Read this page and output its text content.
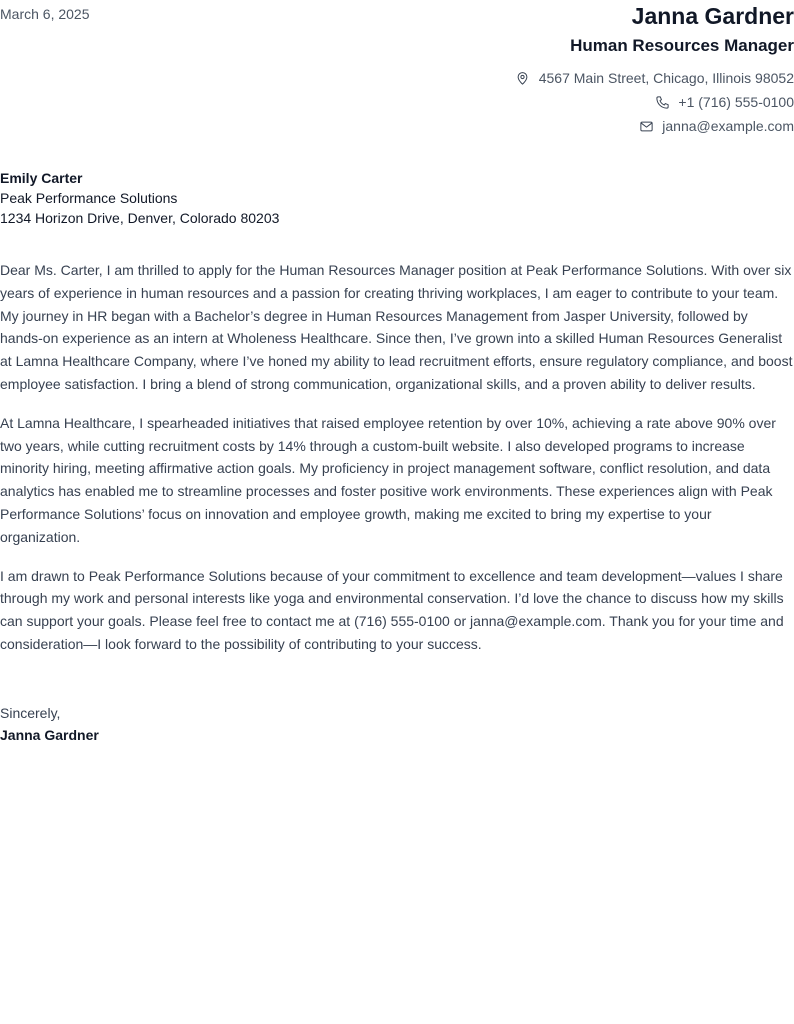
March 6, 2025	Janna Gardner
Human Resources Manager
4567 Main Street, Chicago, Illinois 98052
+1 (716) 555-0100
janna@example.com
Emily Carter
Peak Performance Solutions
1234 Horizon Drive, Denver, Colorado 80203

Dear Ms. Carter, I am thrilled to apply for the Human Resources Manager position at Peak Performance Solutions. With over six years of experience in human resources and a passion for creating thriving workplaces, I am eager to contribute to your team. My journey in HR began with a Bachelor’s degree in Human Resources Management from Jasper University, followed by hands-on experience as an intern at Wholeness Healthcare. Since then, I’ve grown into a skilled Human Resources Generalist at Lamna Healthcare Company, where I’ve honed my ability to lead recruitment efforts, ensure regulatory compliance, and boost employee satisfaction. I bring a blend of strong communication, organizational skills, and a proven ability to deliver results.

At Lamna Healthcare, I spearheaded initiatives that raised employee retention by over 10%, achieving a rate above 90% over two years, while cutting recruitment costs by 14% through a custom-built website. I also developed programs to increase minority hiring, meeting affirmative action goals. My proficiency in project management software, conflict resolution, and data analytics has enabled me to streamline processes and foster positive work environments. These experiences align with Peak Performance Solutions’ focus on innovation and employee growth, making me excited to bring my expertise to your organization.

I am drawn to Peak Performance Solutions because of your commitment to excellence and team development—values I share through my work and personal interests like yoga and environmental conservation. I’d love the chance to discuss how my skills can support your goals. Please feel free to contact me at (716) 555-0100 or janna@example.com. Thank you for your time and consideration—I look forward to the possibility of contributing to your success.

Sincerely,
Janna Gardner
